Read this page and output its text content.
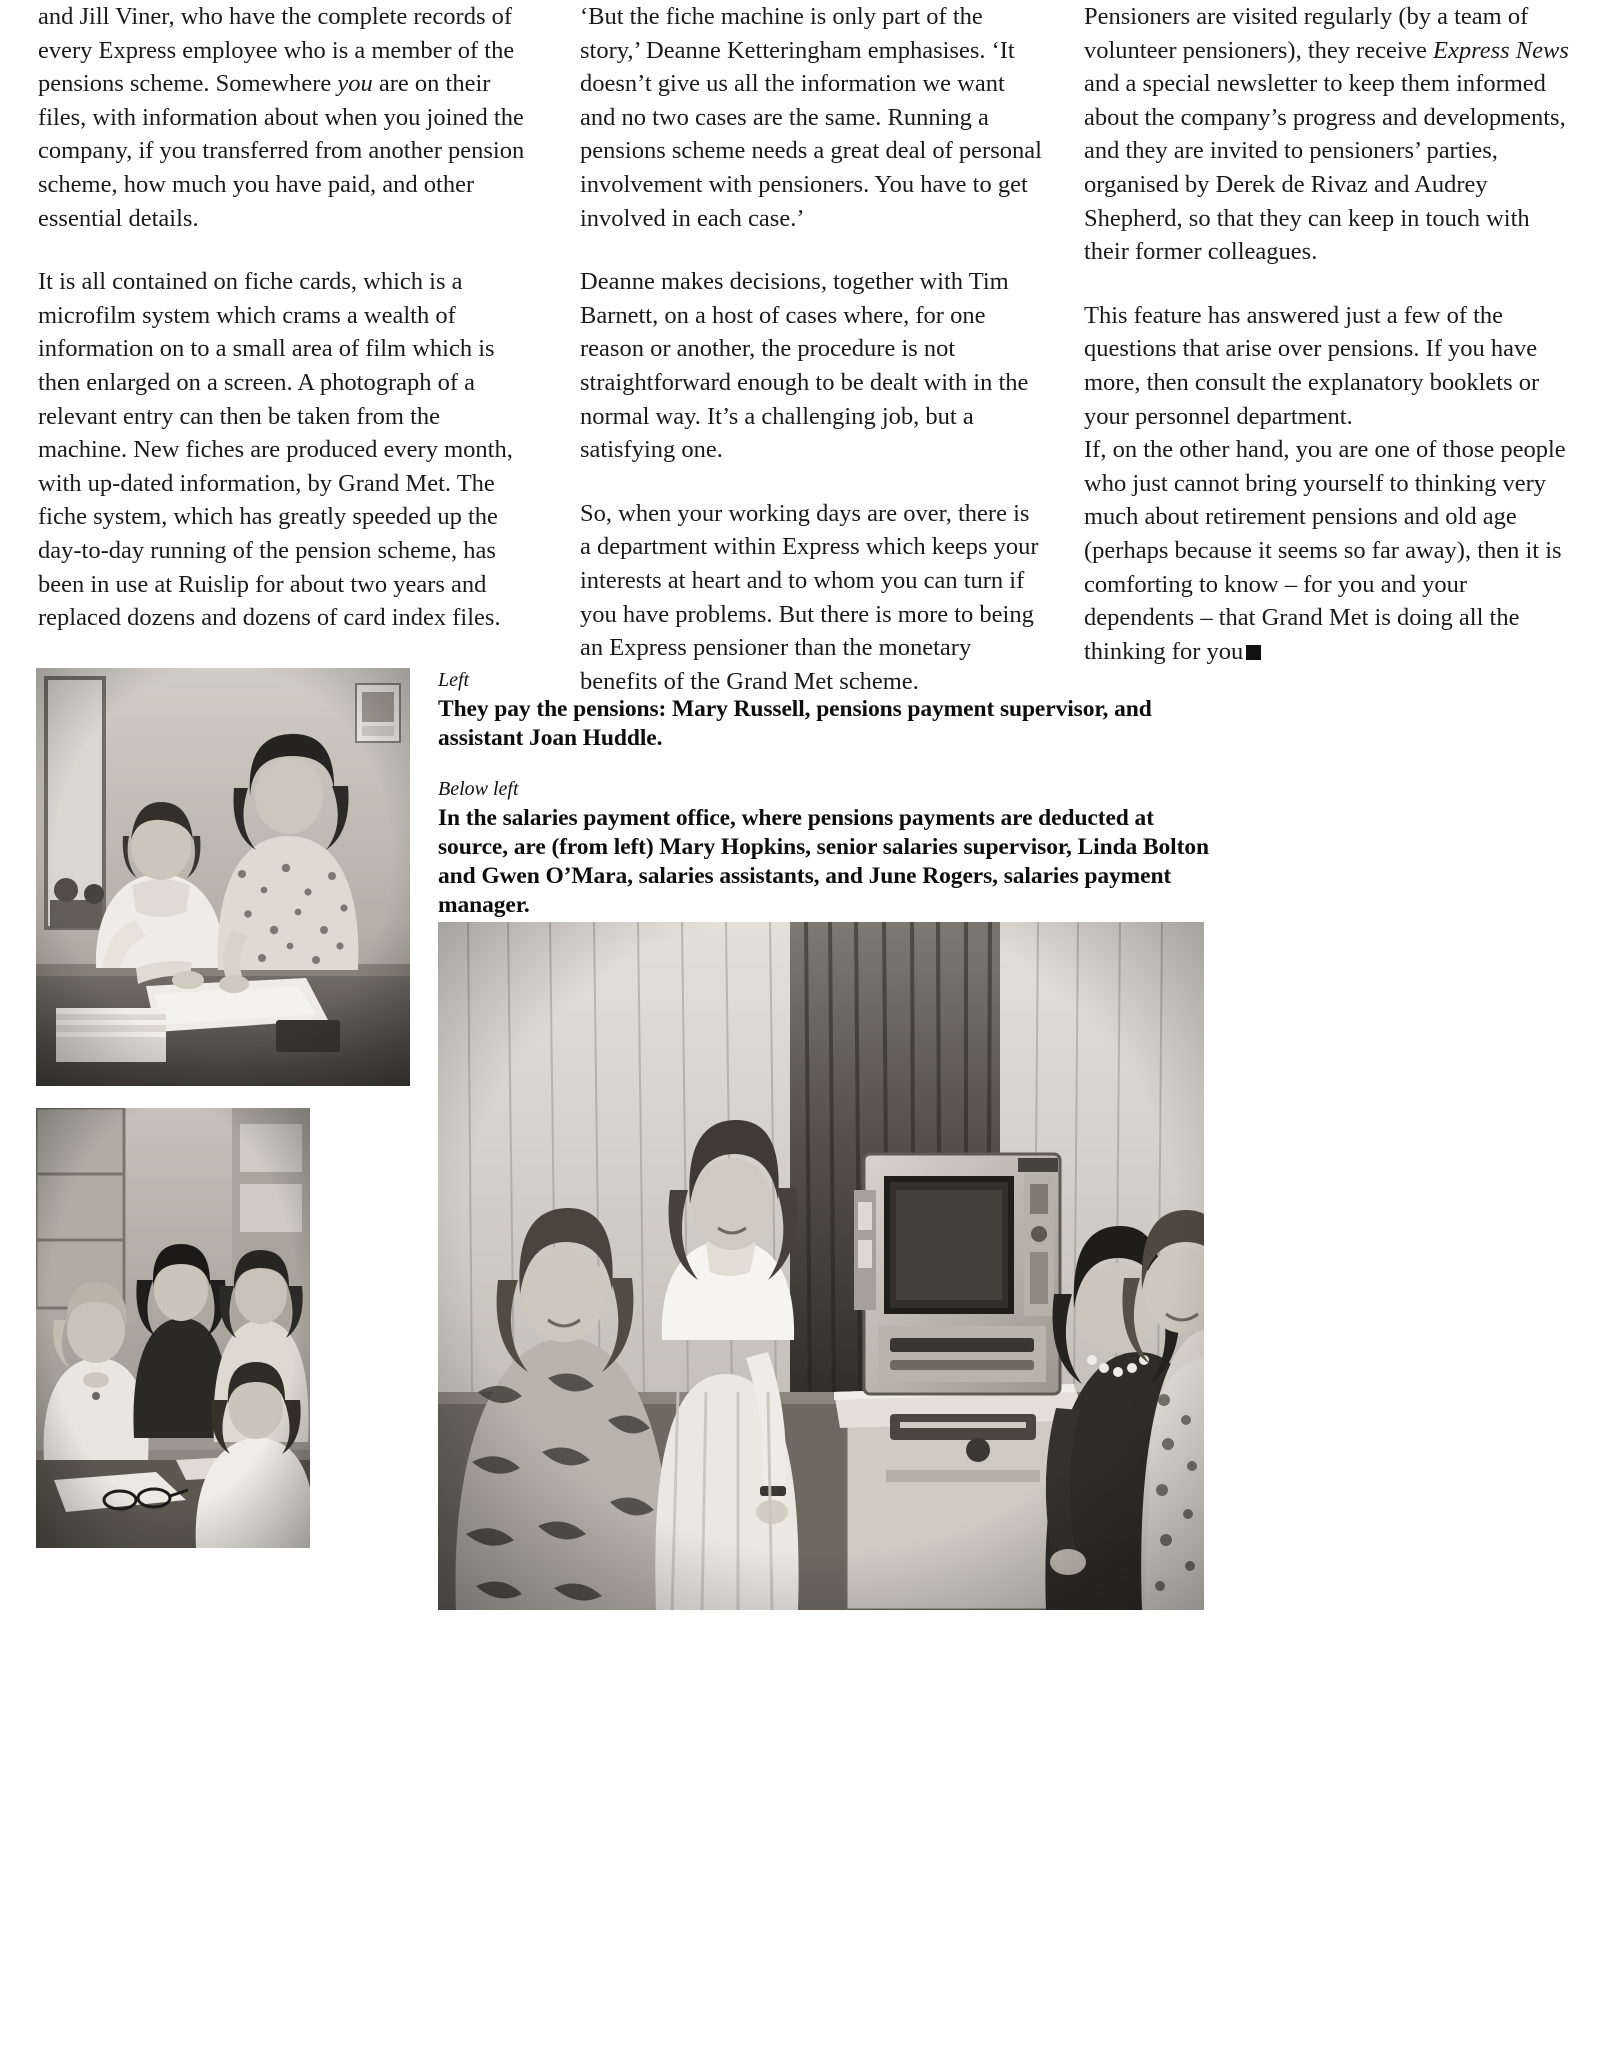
and Jill Viner, who have the complete records of every Express employee who is a member of the pensions scheme. Somewhere you are on their files, with information about when you joined the company, if you transferred from another pension scheme, how much you have paid, and other essential details.

It is all contained on fiche cards, which is a microfilm system which crams a wealth of information on to a small area of film which is then enlarged on a screen. A photograph of a relevant entry can then be taken from the machine. New fiches are produced every month, with up-dated information, by Grand Met. The fiche system, which has greatly speeded up the day-to-day running of the pension scheme, has been in use at Ruislip for about two years and replaced dozens and dozens of card index files.

‘But the fiche machine is only part of the story,’ Deanne Ketteringham emphasises. ‘It doesn’t give us all the information we want and no two cases are the same. Running a pensions scheme needs a great deal of personal involvement with pensioners. You have to get involved in each case.’

Deanne makes decisions, together with Tim Barnett, on a host of cases where, for one reason or another, the procedure is not straightforward enough to be dealt with in the normal way. It’s a challenging job, but a satisfying one.

So, when your working days are over, there is a department within Express which keeps your interests at heart and to whom you can turn if you have problems. But there is more to being an Express pensioner than the monetary benefits of the Grand Met scheme.

Pensioners are visited regularly (by a team of volunteer pensioners), they receive Express News and a special newsletter to keep them informed about the company’s progress and developments, and they are invited to pensioners’ parties, organised by Derek de Rivaz and Audrey Shepherd, so that they can keep in touch with their former colleagues.

This feature has answered just a few of the questions that arise over pensions. If you have more, then consult the explanatory booklets or your personnel department.

If, on the other hand, you are one of those people who just cannot bring yourself to thinking very much about retirement pensions and old age (perhaps because it seems so far away), then it is comforting to know – for you and your dependents – that Grand Met is doing all the thinking for you

Left

They pay the pensions: Mary Russell, pensions payment supervisor, and assistant Joan Huddle.

Below left

In the salaries payment office, where pensions payments are deducted at source, are (from left) Mary Hopkins, senior salaries supervisor, Linda Bolton and Gwen O’Mara, salaries assistants, and June Rogers, salaries payment manager.
